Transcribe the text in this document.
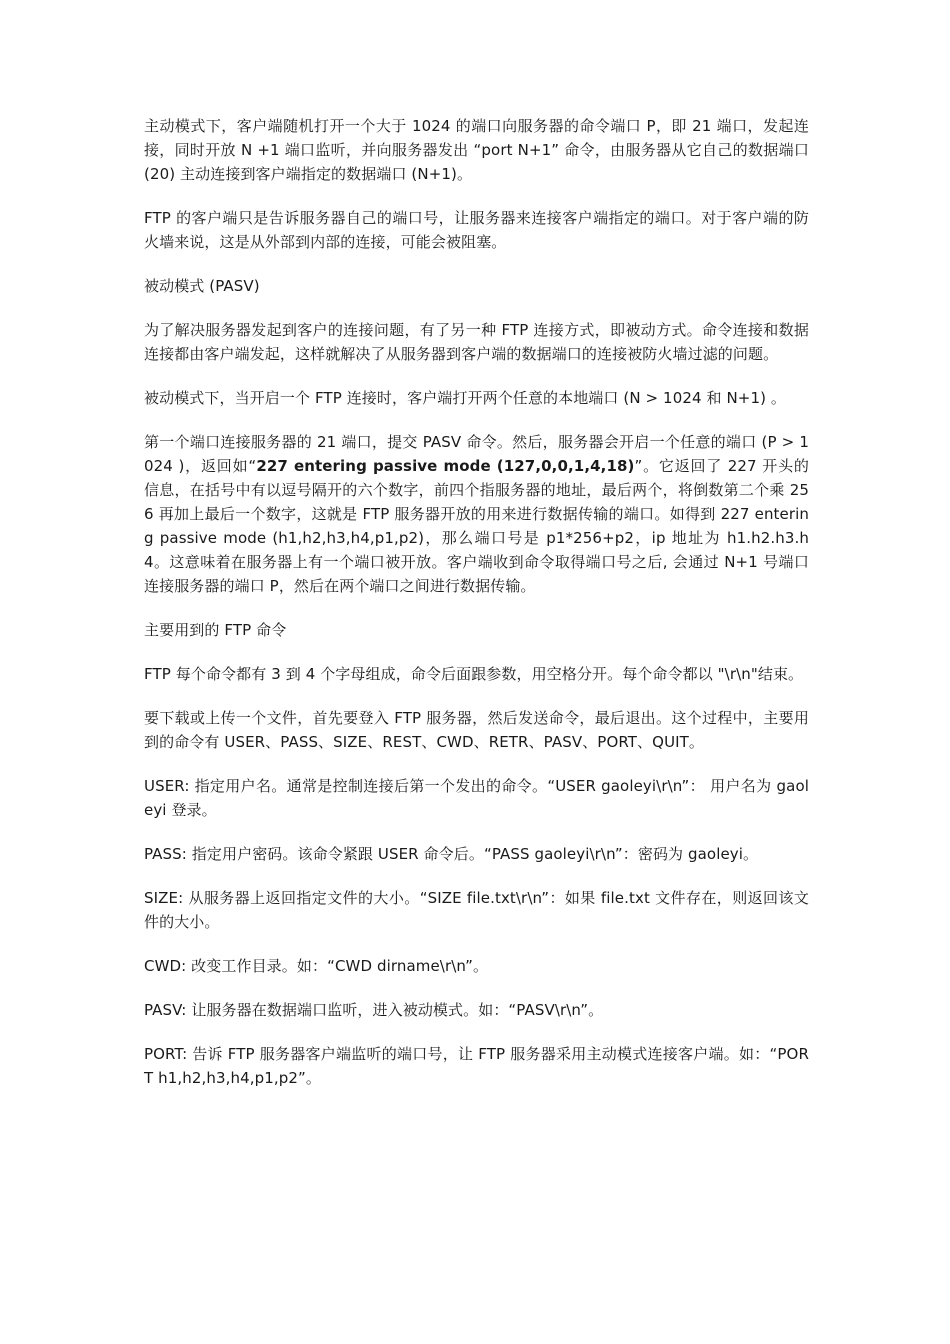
主动模式下，客户端随机打开一个大于 1024 的端口向服务器的命令端口 P，即 21 端口，发起连接，同时开放 N +1 端口监听，并向服务器发出 “port N+1” 命令，由服务器从它自己的数据端口 (20) 主动连接到客户端指定的数据端口 (N+1)。

FTP 的客户端只是告诉服务器自己的端口号，让服务器来连接客户端指定的端口。对于客户端的防火墙来说，这是从外部到内部的连接，可能会被阻塞。

被动模式 (PASV)

为了解决服务器发起到客户的连接问题，有了另一种 FTP 连接方式，即被动方式。命令连接和数据连接都由客户端发起，这样就解决了从服务器到客户端的数据端口的连接被防火墙过滤的问题。

被动模式下，当开启一个 FTP 连接时，客户端打开两个任意的本地端口 (N > 1024 和 N+1) 。

第一个端口连接服务器的 21 端口，提交 PASV 命令。然后，服务器会开启一个任意的端口 (P > 1024 )，返回如“227 entering passive mode (127,0,0,1,4,18)”。它返回了 227 开头的信息，在括号中有以逗号隔开的六个数字，前四个指服务器的地址，最后两个，将倒数第二个乘 256 再加上最后一个数字，这就是 FTP 服务器开放的用来进行数据传输的端口。如得到 227 entering passive mode (h1,h2,h3,h4,p1,p2)，那么端口号是 p1*256+p2，ip 地址为 h1.h2.h3.h4。这意味着在服务器上有一个端口被开放。客户端收到命令取得端口号之后, 会通过 N+1 号端口连接服务器的端口 P，然后在两个端口之间进行数据传输。

主要用到的 FTP 命令

FTP 每个命令都有 3 到 4 个字母组成，命令后面跟参数，用空格分开。每个命令都以 "\r\n"结束。

要下载或上传一个文件，首先要登入 FTP 服务器，然后发送命令，最后退出。这个过程中，主要用到的命令有 USER、PASS、SIZE、REST、CWD、RETR、PASV、PORT、QUIT。

USER: 指定用户名。通常是控制连接后第一个发出的命令。“USER gaoleyi\r\n”： 用户名为 gaoleyi 登录。

PASS: 指定用户密码。该命令紧跟 USER 命令后。“PASS gaoleyi\r\n”：密码为 gaoleyi。

SIZE: 从服务器上返回指定文件的大小。“SIZE file.txt\r\n”：如果 file.txt 文件存在，则返回该文件的大小。

CWD: 改变工作目录。如：“CWD dirname\r\n”。

PASV: 让服务器在数据端口监听，进入被动模式。如：“PASV\r\n”。

PORT: 告诉 FTP 服务器客户端监听的端口号，让 FTP 服务器采用主动模式连接客户端。如：“PORT h1,h2,h3,h4,p1,p2”。
